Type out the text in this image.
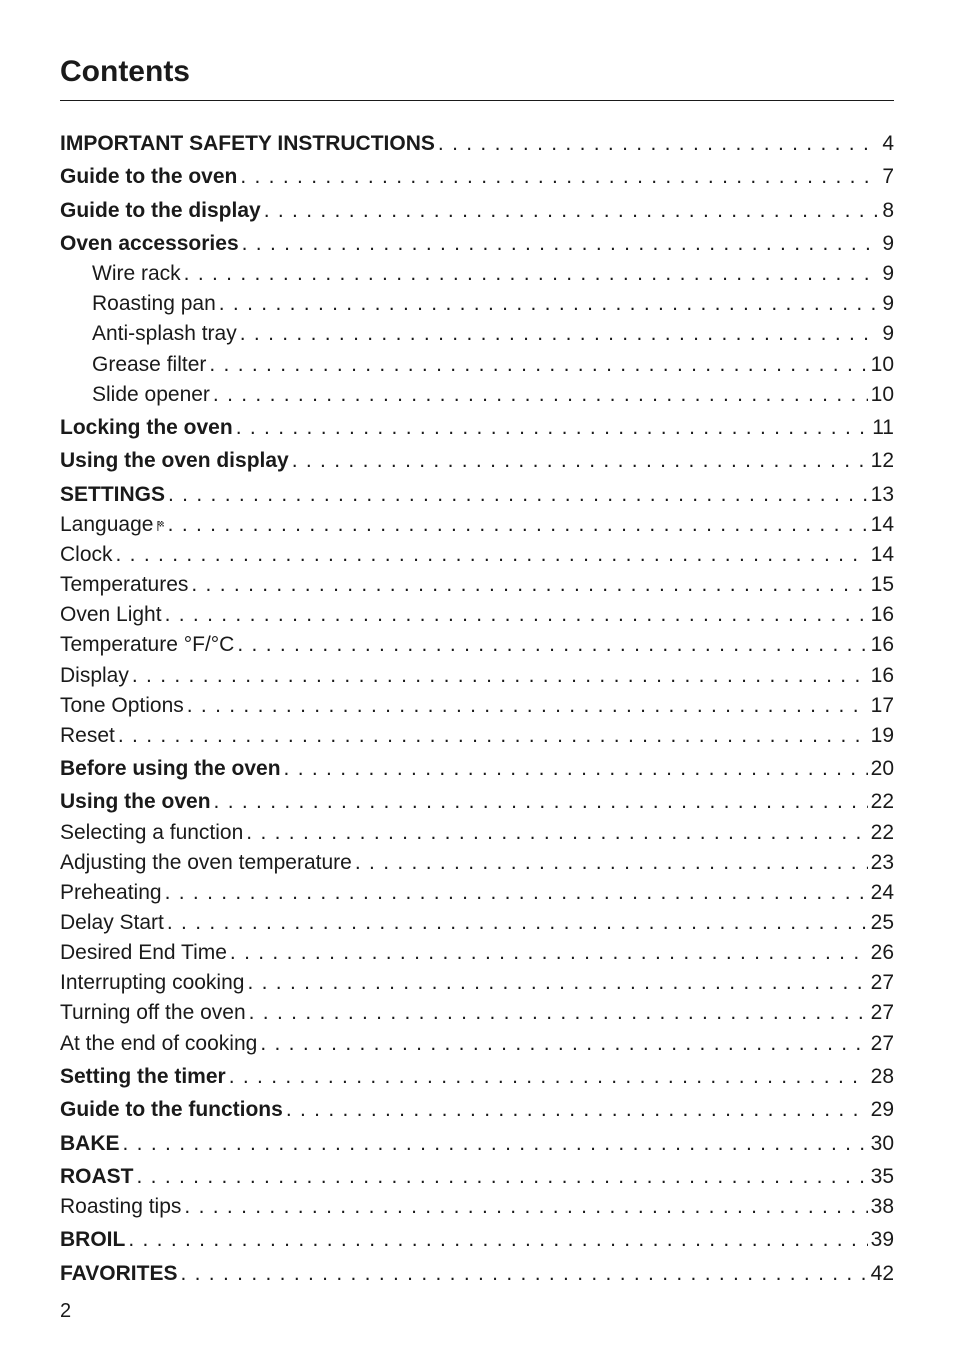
Contents
IMPORTANT SAFETY INSTRUCTIONS . . .	4
Guide to the oven . . .	7
Guide to the display . . .	8
Oven accessories . . .	9
Wire rack . . .	9
Roasting pan . . .	9
Anti-splash tray . . .	9
Grease filter . . .	10
Slide opener . . .	10
Locking the oven . . .	11
Using the oven display . . .	12
SETTINGS . . .	13
Language . . .	14
Clock . . .	14
Temperatures . . .	15
Oven Light . . .	16
Temperature °F/°C . . .	16
Display . . .	16
Tone Options . . .	17
Reset . . .	19
Before using the oven . . .	20
Using the oven . . .	22
Selecting a function . . .	22
Adjusting the oven temperature . . .	23
Preheating . . .	24
Delay Start . . .	25
Desired End Time . . .	26
Interrupting cooking . . .	27
Turning off the oven . . .	27
At the end of cooking . . .	27
Setting the timer . . .	28
Guide to the functions . . .	29
BAKE . . .	30
ROAST . . .	35
Roasting tips . . .	38
BROIL . . .	39
FAVORITES . . .	42
2
